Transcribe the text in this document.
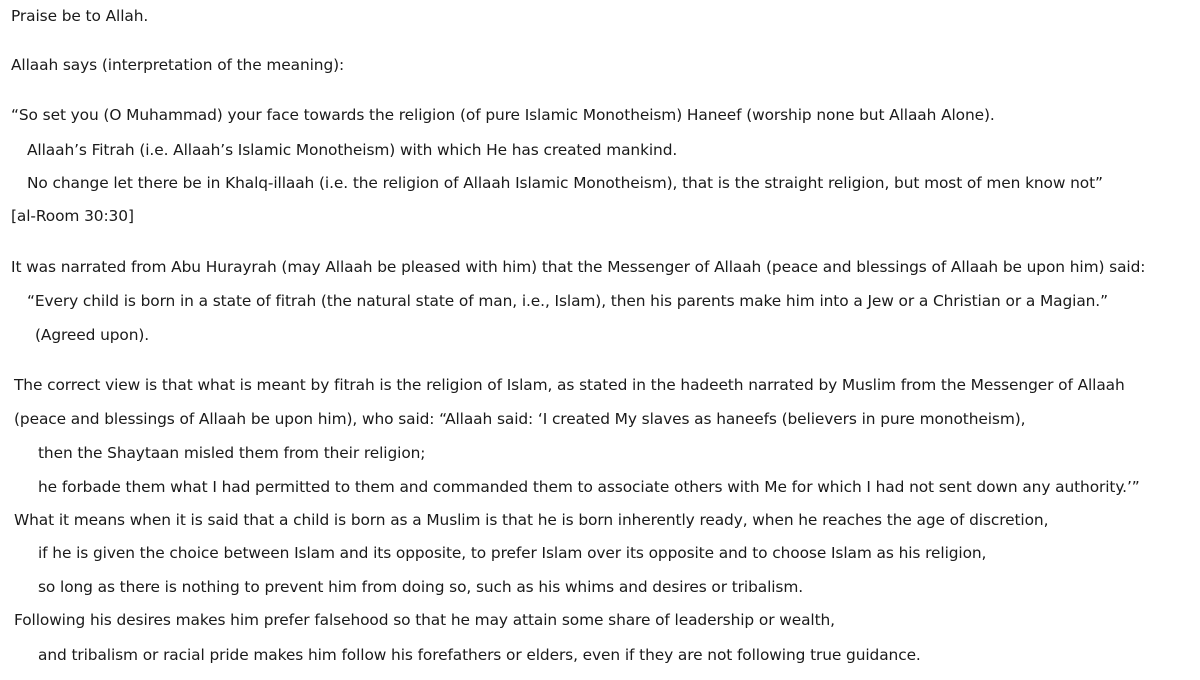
Praise be to Allah.
Allaah says (interpretation of the meaning):
“So set you (O Muhammad) your face towards the religion (of pure Islamic Monotheism) Haneef (worship none but Allaah Alone).
Allaah’s Fitrah (i.e. Allaah’s Islamic Monotheism) with which He has created mankind.
No change let there be in Khalq-illaah (i.e. the religion of Allaah Islamic Monotheism), that is the straight religion, but most of men know not”
[al-Room 30:30]
It was narrated from Abu Hurayrah (may Allaah be pleased with him) that the Messenger of Allaah (peace and blessings of Allaah be upon him) said:
“Every child is born in a state of fitrah (the natural state of man, i.e., Islam), then his parents make him into a Jew or a Christian or a Magian.”
(Agreed upon).
The correct view is that what is meant by fitrah is the religion of Islam, as stated in the hadeeth narrated by Muslim from the Messenger of Allaah
(peace and blessings of Allaah be upon him), who said: “Allaah said: ‘I created My slaves as haneefs (believers in pure monotheism),
then the Shaytaan misled them from their religion;
he forbade them what I had permitted to them and commanded them to associate others with Me for which I had not sent down any authority.’”
What it means when it is said that a child is born as a Muslim is that he is born inherently ready, when he reaches the age of discretion,
if he is given the choice between Islam and its opposite, to prefer Islam over its opposite and to choose Islam as his religion,
so long as there is nothing to prevent him from doing so, such as his whims and desires or tribalism.
Following his desires makes him prefer falsehood so that he may attain some share of leadership or wealth,
and tribalism or racial pride makes him follow his forefathers or elders, even if they are not following true guidance.
